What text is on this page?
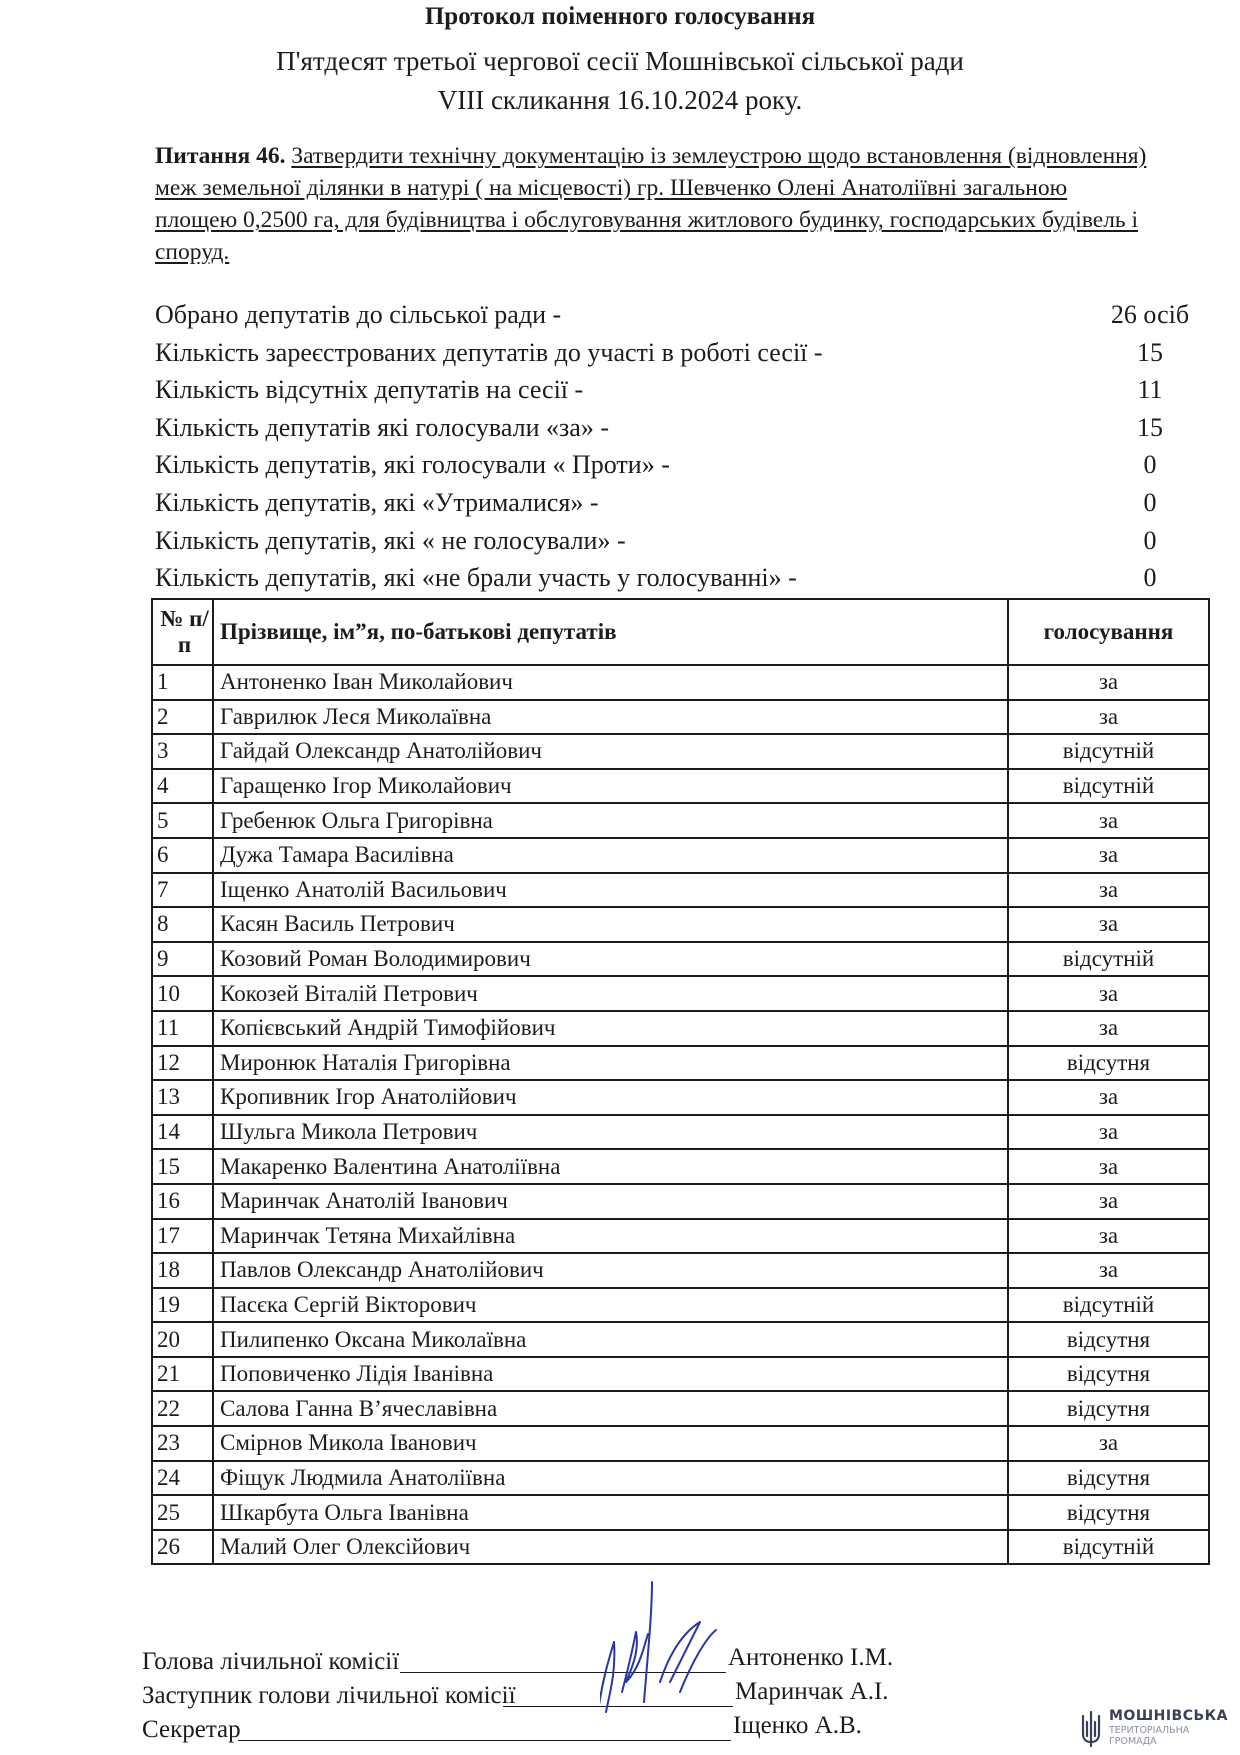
Протокол поіменного голосування
П'ятдесят третьої чергової сесії Мошнівської сільської ради
VIII скликання 16.10.2024 року.
Питання 46. Затвердити технічну документацію із землеустрою щодо встановлення (відновлення) меж земельної ділянки в натурі ( на місцевості) гр. Шевченко Олені Анатоліївні загальною площею 0,2500 га, для будівництва і обслуговування житлового будинку, господарських будівель і споруд.
Обрано депутатів до сільської ради -	26 осіб
Кількість зареєстрованих депутатів до участі в роботі сесії -	15
Кількість відсутніх депутатів на сесії -	11
Кількість депутатів які голосували «за» -	15
Кількість депутатів, які голосували « Проти» -	0
Кількість депутатів, які «Утрималися» -	0
Кількість депутатів, які « не голосували» -	0
Кількість депутатів, які «не брали участь у голосуванні» -	0
№ п/п	Прізвище, ім”я, по-батькові депутатів	голосування
1	Антоненко Іван Миколайович	за
2	Гаврилюк Леся Миколаївна	за
3	Гайдай Олександр Анатолійович	відсутній
4	Гаращенко Ігор Миколайович	відсутній
5	Гребенюк Ольга Григорівна	за
6	Дужа Тамара Василівна	за
7	Іщенко Анатолій Васильович	за
8	Касян Василь Петрович	за
9	Козовий Роман Володимирович	відсутній
10	Кокозей Віталій Петрович	за
11	Копієвський Андрій Тимофійович	за
12	Миронюк Наталія Григорівна	відсутня
13	Кропивник Ігор Анатолійович	за
14	Шульга Микола Петрович	за
15	Макаренко Валентина Анатоліївна	за
16	Маринчак Анатолій Іванович	за
17	Маринчак Тетяна Михайлівна	за
18	Павлов Олександр Анатолійович	за
19	Пасєка Сергій Вікторович	відсутній
20	Пилипенко Оксана Миколаївна	відсутня
21	Поповиченко Лідія Іванівна	відсутня
22	Салова Ганна В’ячеславівна	відсутня
23	Смірнов Микола Іванович	за
24	Фіщук Людмила Анатоліївна	відсутня
25	Шкарбута Ольга Іванівна	відсутня
26	Малий Олег Олексійович	відсутній
Голова лічильної комісії	Антоненко І.М.
Заступник голови лічильної комісії	Маринчак А.І.
Секретар	Іщенко А.В.	МОШНІВСЬКА
ТЕРИТОРІАЛЬНА ГРОМАДА
